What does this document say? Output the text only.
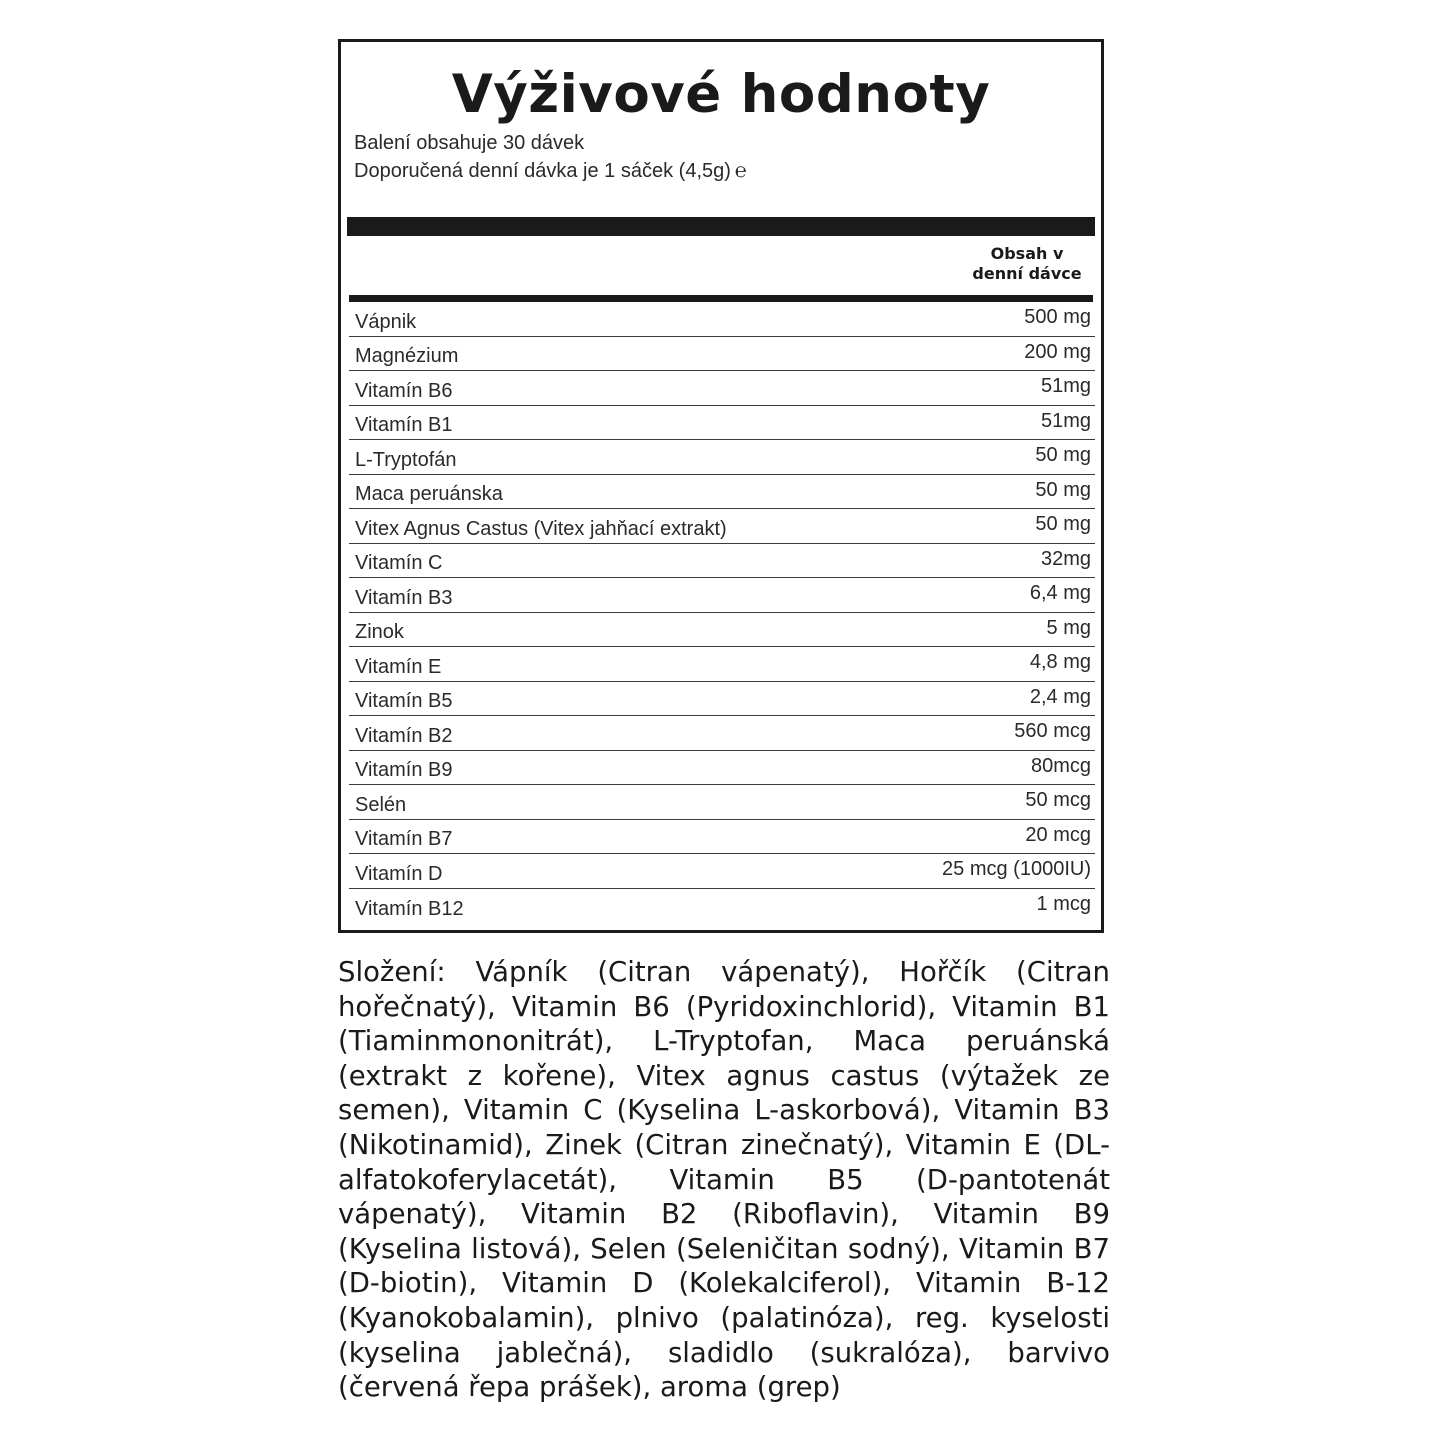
Výživové hodnoty
Balení obsahuje 30 dávek
Doporučená denní dávka je 1 sáček (4,5g) ℮
Obsah v
denní dávce
Vápnik	500 mg
Magnézium	200 mg
Vitamín B6	51mg
Vitamín B1	51mg
L-Tryptofán	50 mg
Maca peruánska	50 mg
Vitex Agnus Castus (Vitex jahňací extrakt)	50 mg
Vitamín C	32mg
Vitamín B3	6,4 mg
Zinok	5 mg
Vitamín E	4,8 mg
Vitamín B5	2,4 mg
Vitamín B2	560 mcg
Vitamín B9	80mcg
Selén	50 mcg
Vitamín B7	20 mcg
Vitamín D	25 mcg (1000IU)
Vitamín B12	1 mcg
Složení: Vápník (Citran vápenatý), Hořčík (Citran hořečnatý), Vitamin B6 (Pyridoxinchlorid), Vitamin B1 (Tiaminmononitrát), L-Tryptofan, Maca peruánská (extrakt z kořene), Vitex agnus castus (výtažek ze semen), Vitamin C (Kyselina L-askorbová), Vitamin B3 (Nikotinamid), Zinek (Citran zinečnatý), Vitamin E (DL-alfatokoferylacetát), Vitamin B5 (D-pantotenát vápenatý), Vitamin B2 (Riboflavin), Vitamin B9 (Kyselina listová), Selen (Seleničitan sodný), Vitamin B7 (D-biotin), Vitamin D (Kolekalciferol), Vitamin B-12 (Kyanokobalamin), plnivo (palatinóza), reg. kyselosti (kyselina jablečná), sladidlo (sukralóza), barvivo (červená řepa prášek), aroma (grep)
